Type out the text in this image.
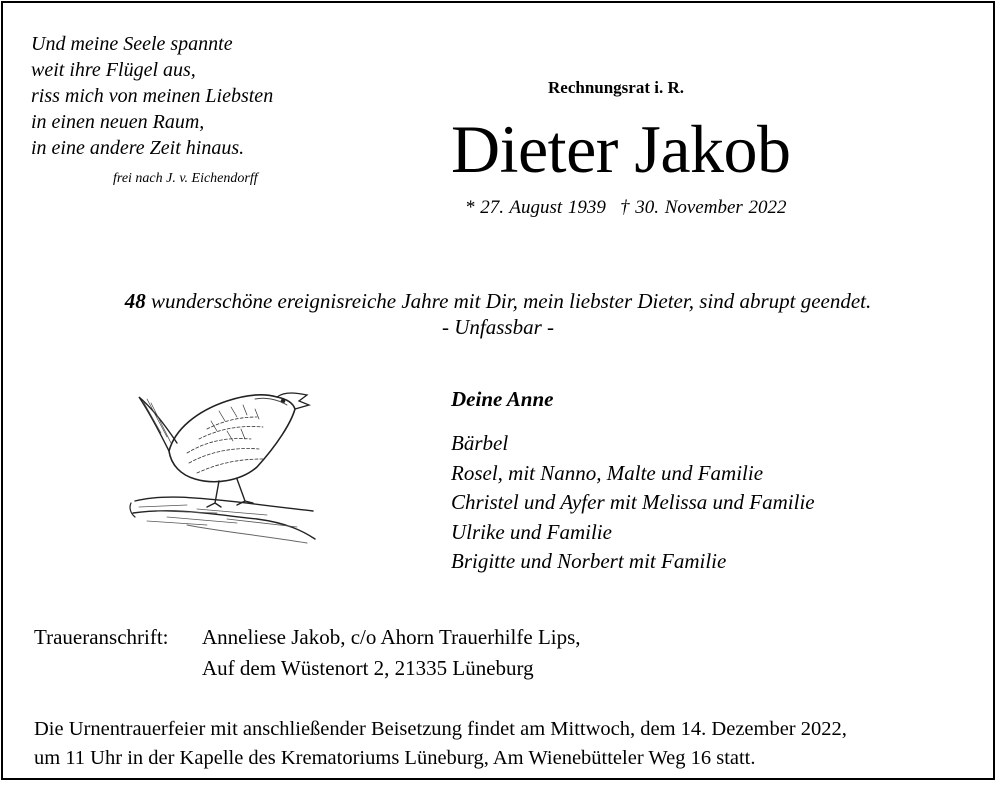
Und meine Seele spannte
weit ihre Flügel aus,
riss mich von meinen Liebsten
in einen neuen Raum,
in eine andere Zeit hinaus.
frei nach J. v. Eichendorff
Rechnungsrat i. R.
Dieter Jakob
* 27. August 1939 † 30. November 2022
48 wunderschöne ereignisreiche Jahre mit Dir, mein liebster Dieter, sind abrupt geendet.
- Unfassbar -
Deine Anne
Bärbel
Rosel, mit Nanno, Malte und Familie
Christel und Ayfer mit Melissa und Familie
Ulrike und Familie
Brigitte und Norbert mit Familie
Traueranschrift: Anneliese Jakob, c/o Ahorn Trauerhilfe Lips,
Auf dem Wüstenort 2, 21335 Lüneburg
Die Urnentrauerfeier mit anschließender Beisetzung findet am Mittwoch, dem 14. Dezember 2022,
um 11 Uhr in der Kapelle des Krematoriums Lüneburg, Am Wienebütteler Weg 16 statt.
